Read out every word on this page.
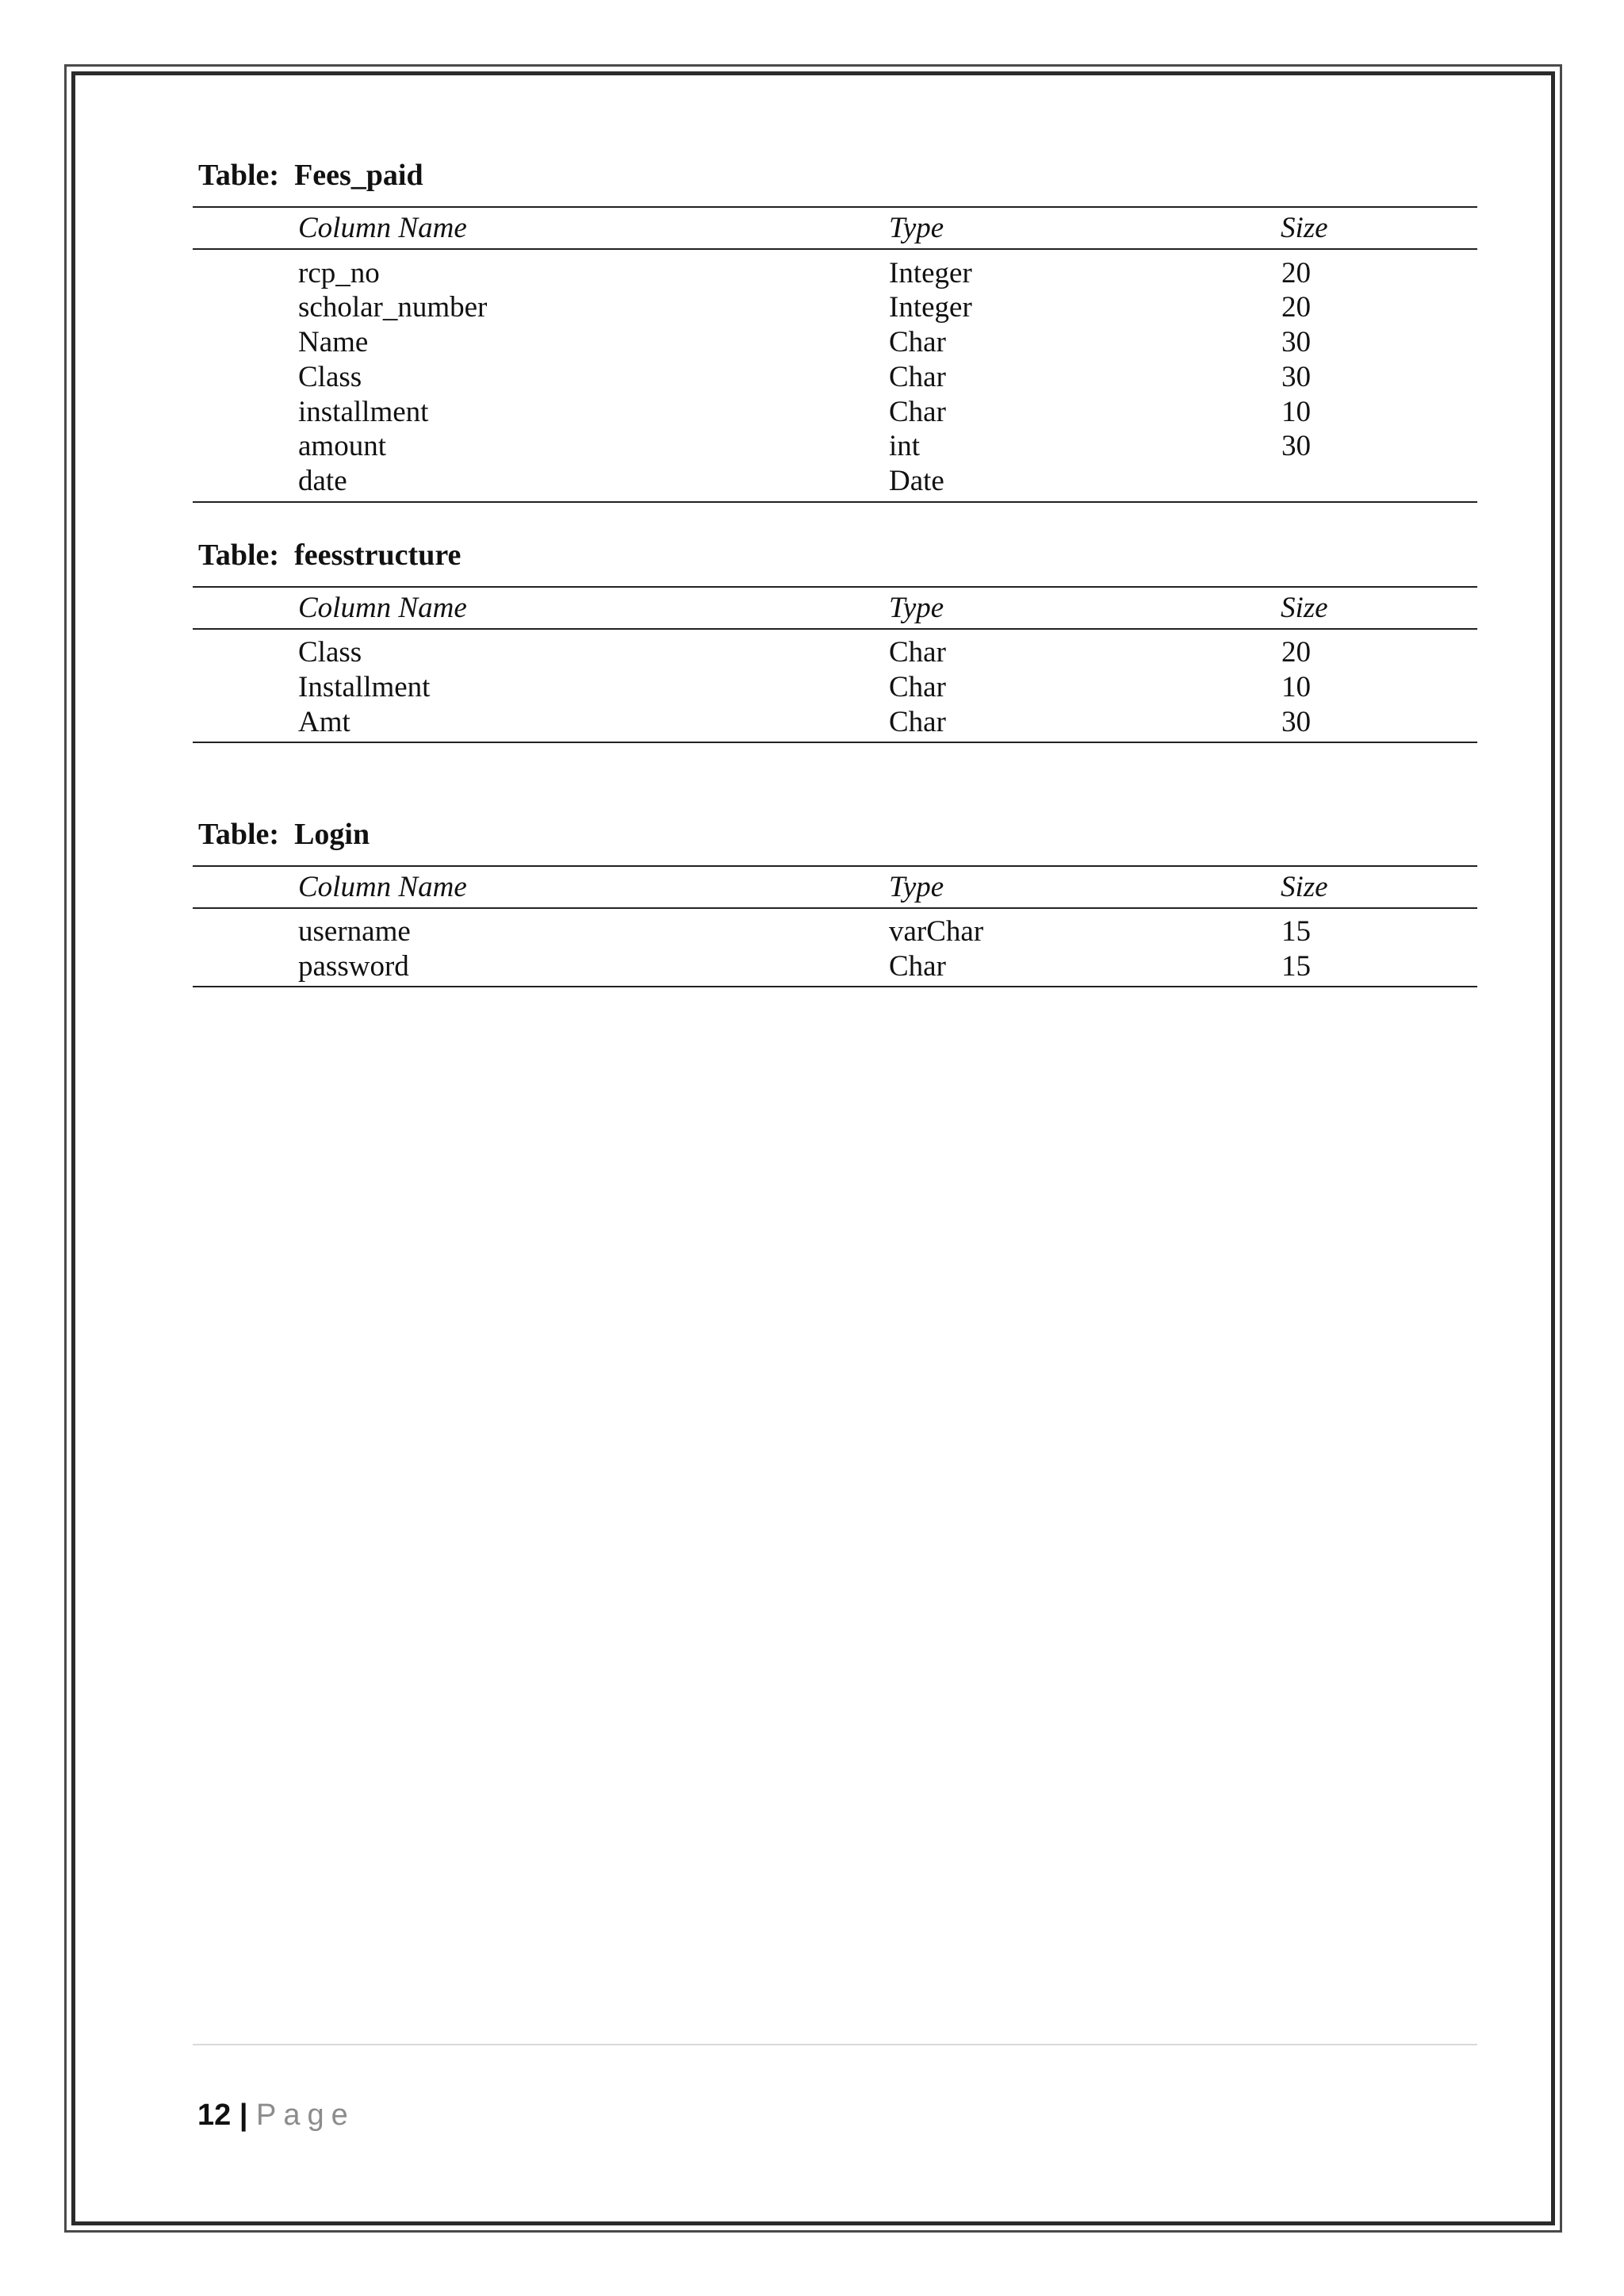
Table:  Fees_paid
Column Name	Type	Size
rcp_no	Integer	20
scholar_number	Integer	20
Name	Char	30
Class	Char	30
installment	Char	10
amount	int	30
date	Date
Table:  feesstructure
Column Name	Type	Size
Class	Char	20
Installment	Char	10
Amt	Char	30
Table:  Login
Column Name	Type	Size
username	varChar	15
password	Char	15
12 | Page
